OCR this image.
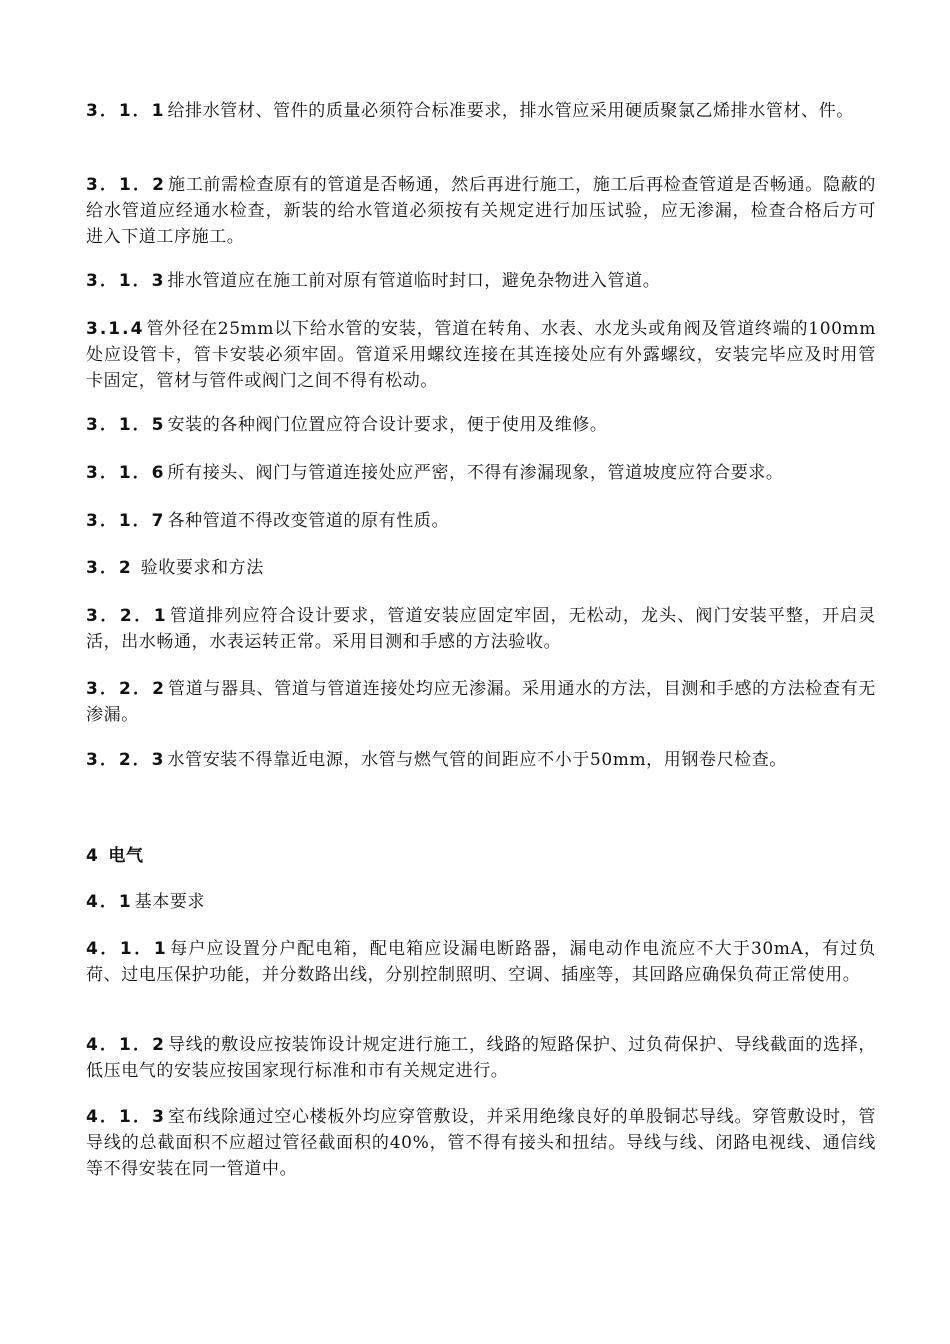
3．1．1 给排水管材、管件的质量必须符合标准要求，排水管应采用硬质聚氯乙烯排水管材、件。

3．1．2 施工前需检查原有的管道是否畅通，然后再进行施工，施工后再检查管道是否畅通。隐蔽的给水管道应经通水检查，新装的给水管道必须按有关规定进行加压试验，应无渗漏，检查合格后方可进入下道工序施工。

3．1．3 排水管道应在施工前对原有管道临时封口，避免杂物进入管道。

3.1.4 管外径在25mm以下给水管的安装，管道在转角、水表、水龙头或角阀及管道终端的100mm处应设管卡，管卡安装必须牢固。管道采用螺纹连接在其连接处应有外露螺纹，安装完毕应及时用管卡固定，管材与管件或阀门之间不得有松动。

3．1．5 安装的各种阀门位置应符合设计要求，便于使用及维修。

3．1．6 所有接头、阀门与管道连接处应严密，不得有渗漏现象，管道坡度应符合要求。

3．1．7 各种管道不得改变管道的原有性质。

3．2 验收要求和方法

3．2．1 管道排列应符合设计要求，管道安装应固定牢固，无松动，龙头、阀门安装平整，开启灵活，出水畅通，水表运转正常。采用目测和手感的方法验收。

3．2．2 管道与器具、管道与管道连接处均应无渗漏。采用通水的方法，目测和手感的方法检查有无渗漏。

3．2．3 水管安装不得靠近电源，水管与燃气管的间距应不小于50mm，用钢卷尺检查。

4 电气

4．1 基本要求

4．1．1 每户应设置分户配电箱，配电箱应设漏电断路器，漏电动作电流应不大于30mA，有过负荷、过电压保护功能，并分数路出线，分别控制照明、空调、插座等，其回路应确保负荷正常使用。

4．1．2 导线的敷设应按装饰设计规定进行施工，线路的短路保护、过负荷保护、导线截面的选择，低压电气的安装应按国家现行标准和市有关规定进行。

4．1．3 室布线除通过空心楼板外均应穿管敷设，并采用绝缘良好的单股铜芯导线。穿管敷设时，管导线的总截面积不应超过管径截面积的40%，管不得有接头和扭结。导线与线、闭路电视线、通信线等不得安装在同一管道中。
